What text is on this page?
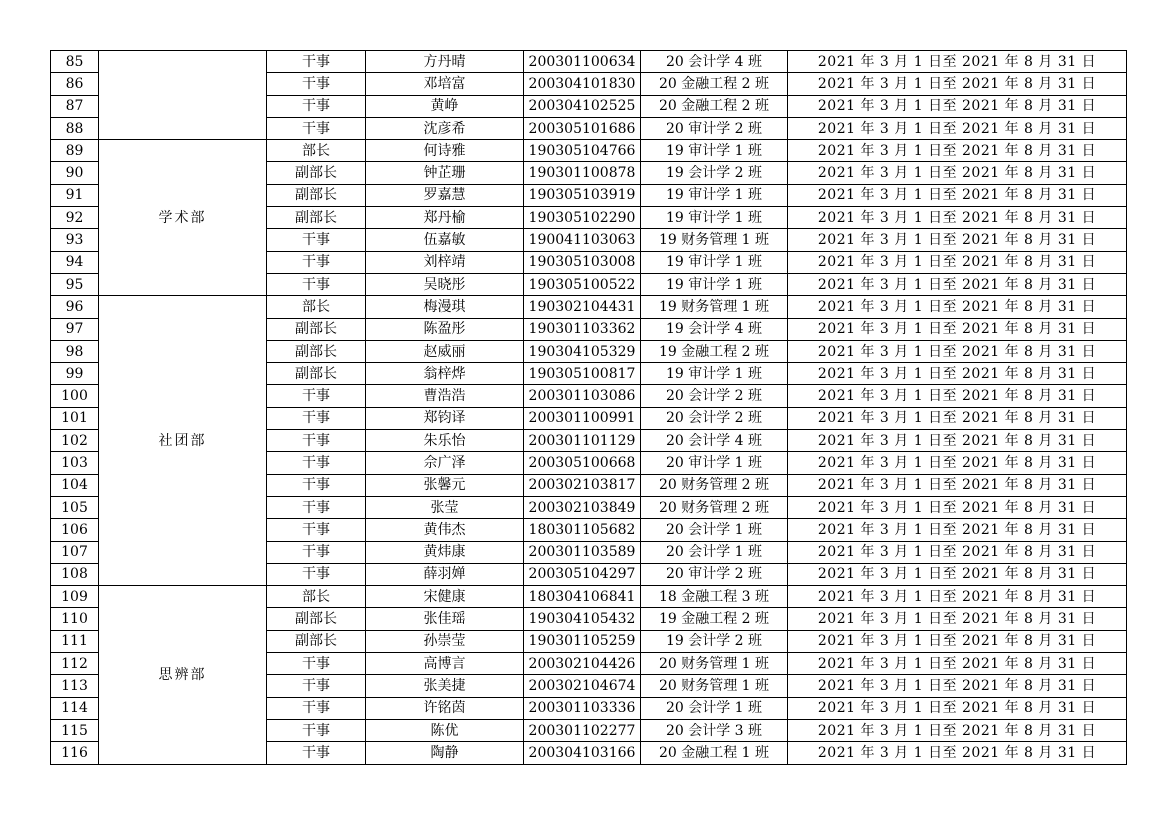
85		干事	方丹晴	200301100634	20 会计学 4 班	2021 年 3 月 1 日至 2021 年 8 月 31 日
86		干事	邓培富	200304101830	20 金融工程 2 班	2021 年 3 月 1 日至 2021 年 8 月 31 日
87		干事	黄峥	200304102525	20 金融工程 2 班	2021 年 3 月 1 日至 2021 年 8 月 31 日
88		干事	沈彦希	200305101686	20 审计学 2 班	2021 年 3 月 1 日至 2021 年 8 月 31 日
89	学术部	部长	何诗雅	190305104766	19 审计学 1 班	2021 年 3 月 1 日至 2021 年 8 月 31 日
90		副部长	钟芷珊	190301100878	19 会计学 2 班	2021 年 3 月 1 日至 2021 年 8 月 31 日
91		副部长	罗嘉慧	190305103919	19 审计学 1 班	2021 年 3 月 1 日至 2021 年 8 月 31 日
92		副部长	郑丹榆	190305102290	19 审计学 1 班	2021 年 3 月 1 日至 2021 年 8 月 31 日
93		干事	伍嘉敏	190041103063	19 财务管理 1 班	2021 年 3 月 1 日至 2021 年 8 月 31 日
94		干事	刘梓靖	190305103008	19 审计学 1 班	2021 年 3 月 1 日至 2021 年 8 月 31 日
95		干事	吴晓彤	190305100522	19 审计学 1 班	2021 年 3 月 1 日至 2021 年 8 月 31 日
96	社团部	部长	梅漫琪	190302104431	19 财务管理 1 班	2021 年 3 月 1 日至 2021 年 8 月 31 日
97		副部长	陈盈彤	190301103362	19 会计学 4 班	2021 年 3 月 1 日至 2021 年 8 月 31 日
98		副部长	赵威丽	190304105329	19 金融工程 2 班	2021 年 3 月 1 日至 2021 年 8 月 31 日
99		副部长	翁梓烨	190305100817	19 审计学 1 班	2021 年 3 月 1 日至 2021 年 8 月 31 日
100		干事	曹浩浩	200301103086	20 会计学 2 班	2021 年 3 月 1 日至 2021 年 8 月 31 日
101		干事	郑钧译	200301100991	20 会计学 2 班	2021 年 3 月 1 日至 2021 年 8 月 31 日
102		干事	朱乐怡	200301101129	20 会计学 4 班	2021 年 3 月 1 日至 2021 年 8 月 31 日
103		干事	佘广泽	200305100668	20 审计学 1 班	2021 年 3 月 1 日至 2021 年 8 月 31 日
104		干事	张馨元	200302103817	20 财务管理 2 班	2021 年 3 月 1 日至 2021 年 8 月 31 日
105		干事	张莹	200302103849	20 财务管理 2 班	2021 年 3 月 1 日至 2021 年 8 月 31 日
106		干事	黄伟杰	180301105682	20 会计学 1 班	2021 年 3 月 1 日至 2021 年 8 月 31 日
107		干事	黄炜康	200301103589	20 会计学 1 班	2021 年 3 月 1 日至 2021 年 8 月 31 日
108		干事	薛羽婵	200305104297	20 审计学 2 班	2021 年 3 月 1 日至 2021 年 8 月 31 日
109	思辨部	部长	宋健康	180304106841	18 金融工程 3 班	2021 年 3 月 1 日至 2021 年 8 月 31 日
110		副部长	张佳瑶	190304105432	19 金融工程 2 班	2021 年 3 月 1 日至 2021 年 8 月 31 日
111		副部长	孙崇莹	190301105259	19 会计学 2 班	2021 年 3 月 1 日至 2021 年 8 月 31 日
112		干事	高博言	200302104426	20 财务管理 1 班	2021 年 3 月 1 日至 2021 年 8 月 31 日
113		干事	张美捷	200302104674	20 财务管理 1 班	2021 年 3 月 1 日至 2021 年 8 月 31 日
114		干事	许铭茵	200301103336	20 会计学 1 班	2021 年 3 月 1 日至 2021 年 8 月 31 日
115		干事	陈优	200301102277	20 会计学 3 班	2021 年 3 月 1 日至 2021 年 8 月 31 日
116		干事	陶静	200304103166	20 金融工程 1 班	2021 年 3 月 1 日至 2021 年 8 月 31 日
